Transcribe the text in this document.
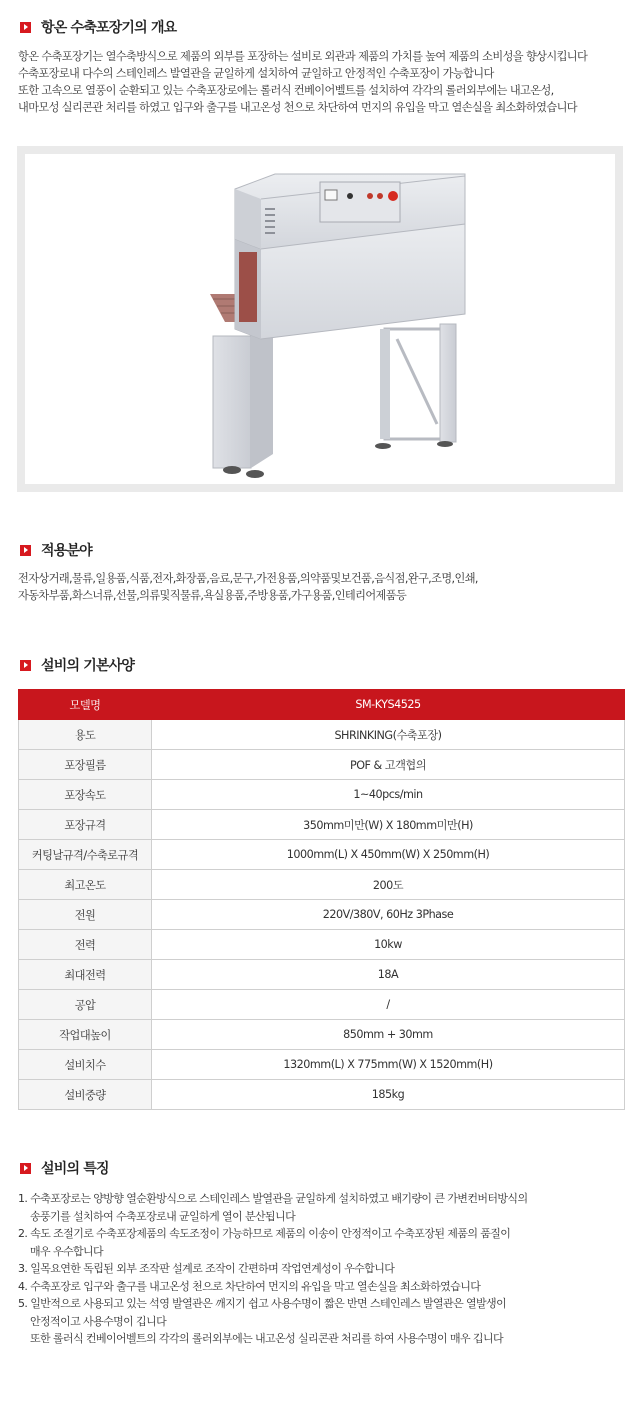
항온 수축포장기의 개요

항온 수축포장기는 열수축방식으로 제품의 외부를 포장하는 설비로 외관과 제품의 가치를 높여 제품의 소비성을 향상시킵니다

수축포장로내 다수의 스테인레스 발열관을 균일하게 설치하여 균일하고 안정적인 수축포장이 가능합니다

또한 고속으로 열풍이 순환되고 있는 수축포장로에는 롤러식 컨베이어벨트를 설치하여 각각의 롤러외부에는 내고온성,

내마모성 실리콘관 처리를 하였고 입구와 출구를 내고온성 천으로 차단하여 먼지의 유입을 막고 열손실을 최소화하였습니다

적용분야

전자상거래,물류,일용품,식품,전자,화장품,음료,문구,가전용품,의약품및보건품,음식점,완구,조명,인쇄,

자동차부품,화스너류,선물,의류및직물류,욕실용품,주방용품,가구용품,인테리어제품등

설비의 기본사양
모델명	SM-KYS4525
용도	SHRINKING(수축포장)
포장필름	POF & 고객협의
포장속도	1~40pcs/min
포장규격	350mm미만(W) X 180mm미만(H)
커팅날규격/수축로규격	1000mm(L) X 450mm(W) X 250mm(H)
최고온도	200도
전원	220V/380V, 60Hz 3Phase
전력	10kw
최대전력	18A
공압	/
작업대높이	850mm + 30mm
설비치수	1320mm(L) X 775mm(W) X 1520mm(H)
설비중량	185kg
설비의 특징

1. 수축포장로는 양방향 열순환방식으로 스테인레스 발열관을 균일하게 설치하였고 배기량이 큰 가변컨버터방식의

송풍기를 설치하여 수축포장로내 균일하게 열이 분산됩니다

2. 속도 조절기로 수축포장제품의 속도조정이 가능하므로 제품의 이송이 안정적이고 수축포장된 제품의 품질이

매우 우수합니다

3. 일목요연한 독립된 외부 조작판 설계로 조작이 간편하며 작업연계성이 우수합니다

4. 수축포장로 입구와 출구를 내고온성 천으로 차단하여 먼지의 유입을 막고 열손실을 최소화하였습니다

5. 일반적으로 사용되고 있는 석영 발열관은 깨지기 쉽고 사용수명이 짧은 반면 스테인레스 발열관은 열발생이

안정적이고 사용수명이 깁니다

또한 롤러식 컨베이어벨트의 각각의 롤러외부에는 내고온성 실리콘관 처리를 하여 사용수명이 매우 깁니다
